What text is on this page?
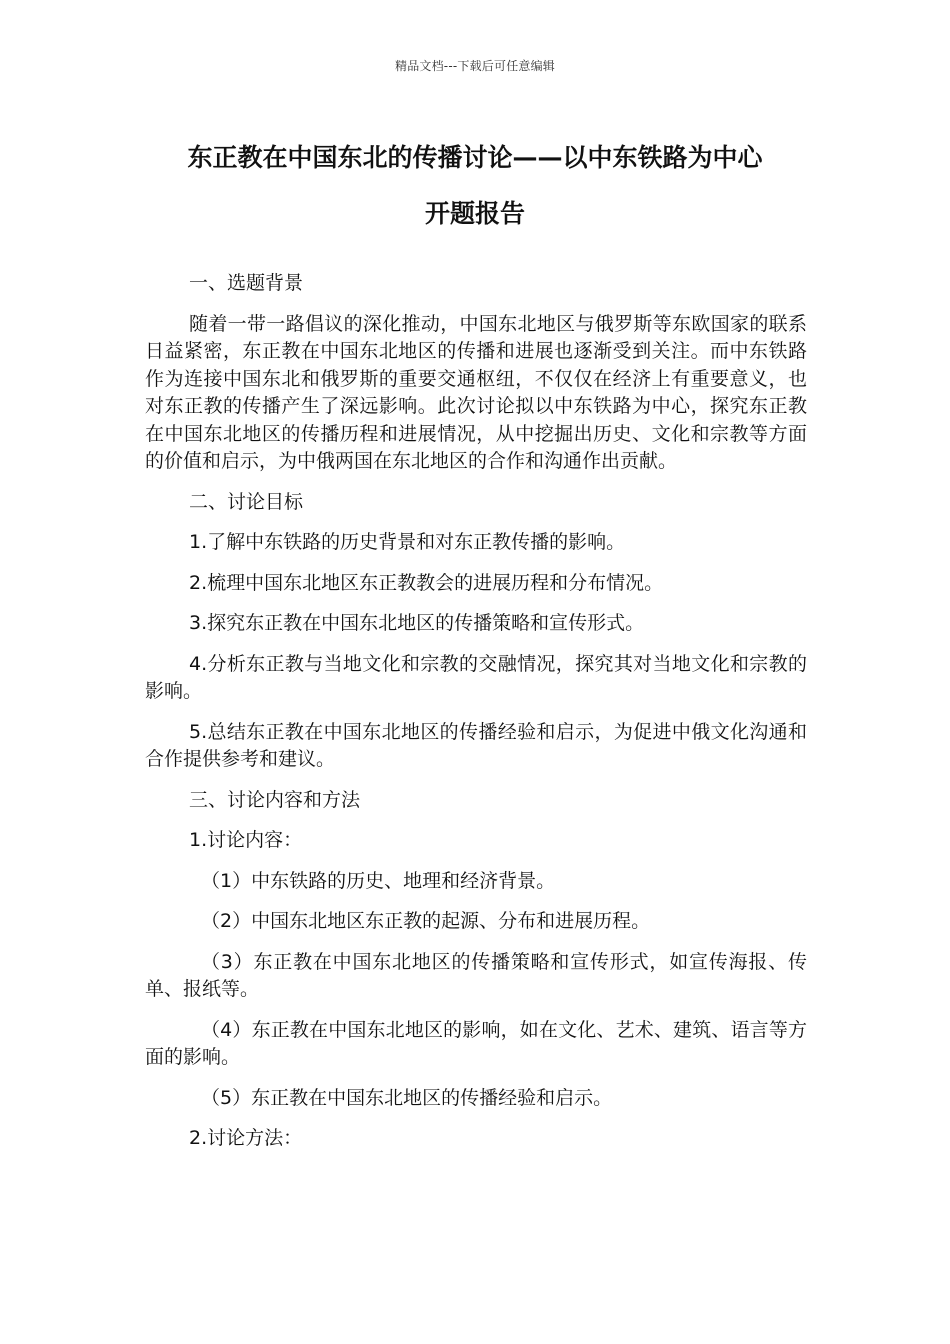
精品文档---下载后可任意编辑
东正教在中国东北的传播讨论——以中东铁路为中心
开题报告

一、选题背景

随着一带一路倡议的深化推动，中国东北地区与俄罗斯等东欧国家的联系日益紧密，东正教在中国东北地区的传播和进展也逐渐受到关注。而中东铁路作为连接中国东北和俄罗斯的重要交通枢纽，不仅仅在经济上有重要意义，也对东正教的传播产生了深远影响。此次讨论拟以中东铁路为中心，探究东正教在中国东北地区的传播历程和进展情况，从中挖掘出历史、文化和宗教等方面的价值和启示，为中俄两国在东北地区的合作和沟通作出贡献。

二、讨论目标

1.了解中东铁路的历史背景和对东正教传播的影响。

2.梳理中国东北地区东正教教会的进展历程和分布情况。

3.探究东正教在中国东北地区的传播策略和宣传形式。

4.分析东正教与当地文化和宗教的交融情况，探究其对当地文化和宗教的影响。

5.总结东正教在中国东北地区的传播经验和启示，为促进中俄文化沟通和合作提供参考和建议。

三、讨论内容和方法

1.讨论内容：

（1）中东铁路的历史、地理和经济背景。

（2）中国东北地区东正教的起源、分布和进展历程。

（3）东正教在中国东北地区的传播策略和宣传形式，如宣传海报、传单、报纸等。

（4）东正教在中国东北地区的影响，如在文化、艺术、建筑、语言等方面的影响。

（5）东正教在中国东北地区的传播经验和启示。

2.讨论方法：
